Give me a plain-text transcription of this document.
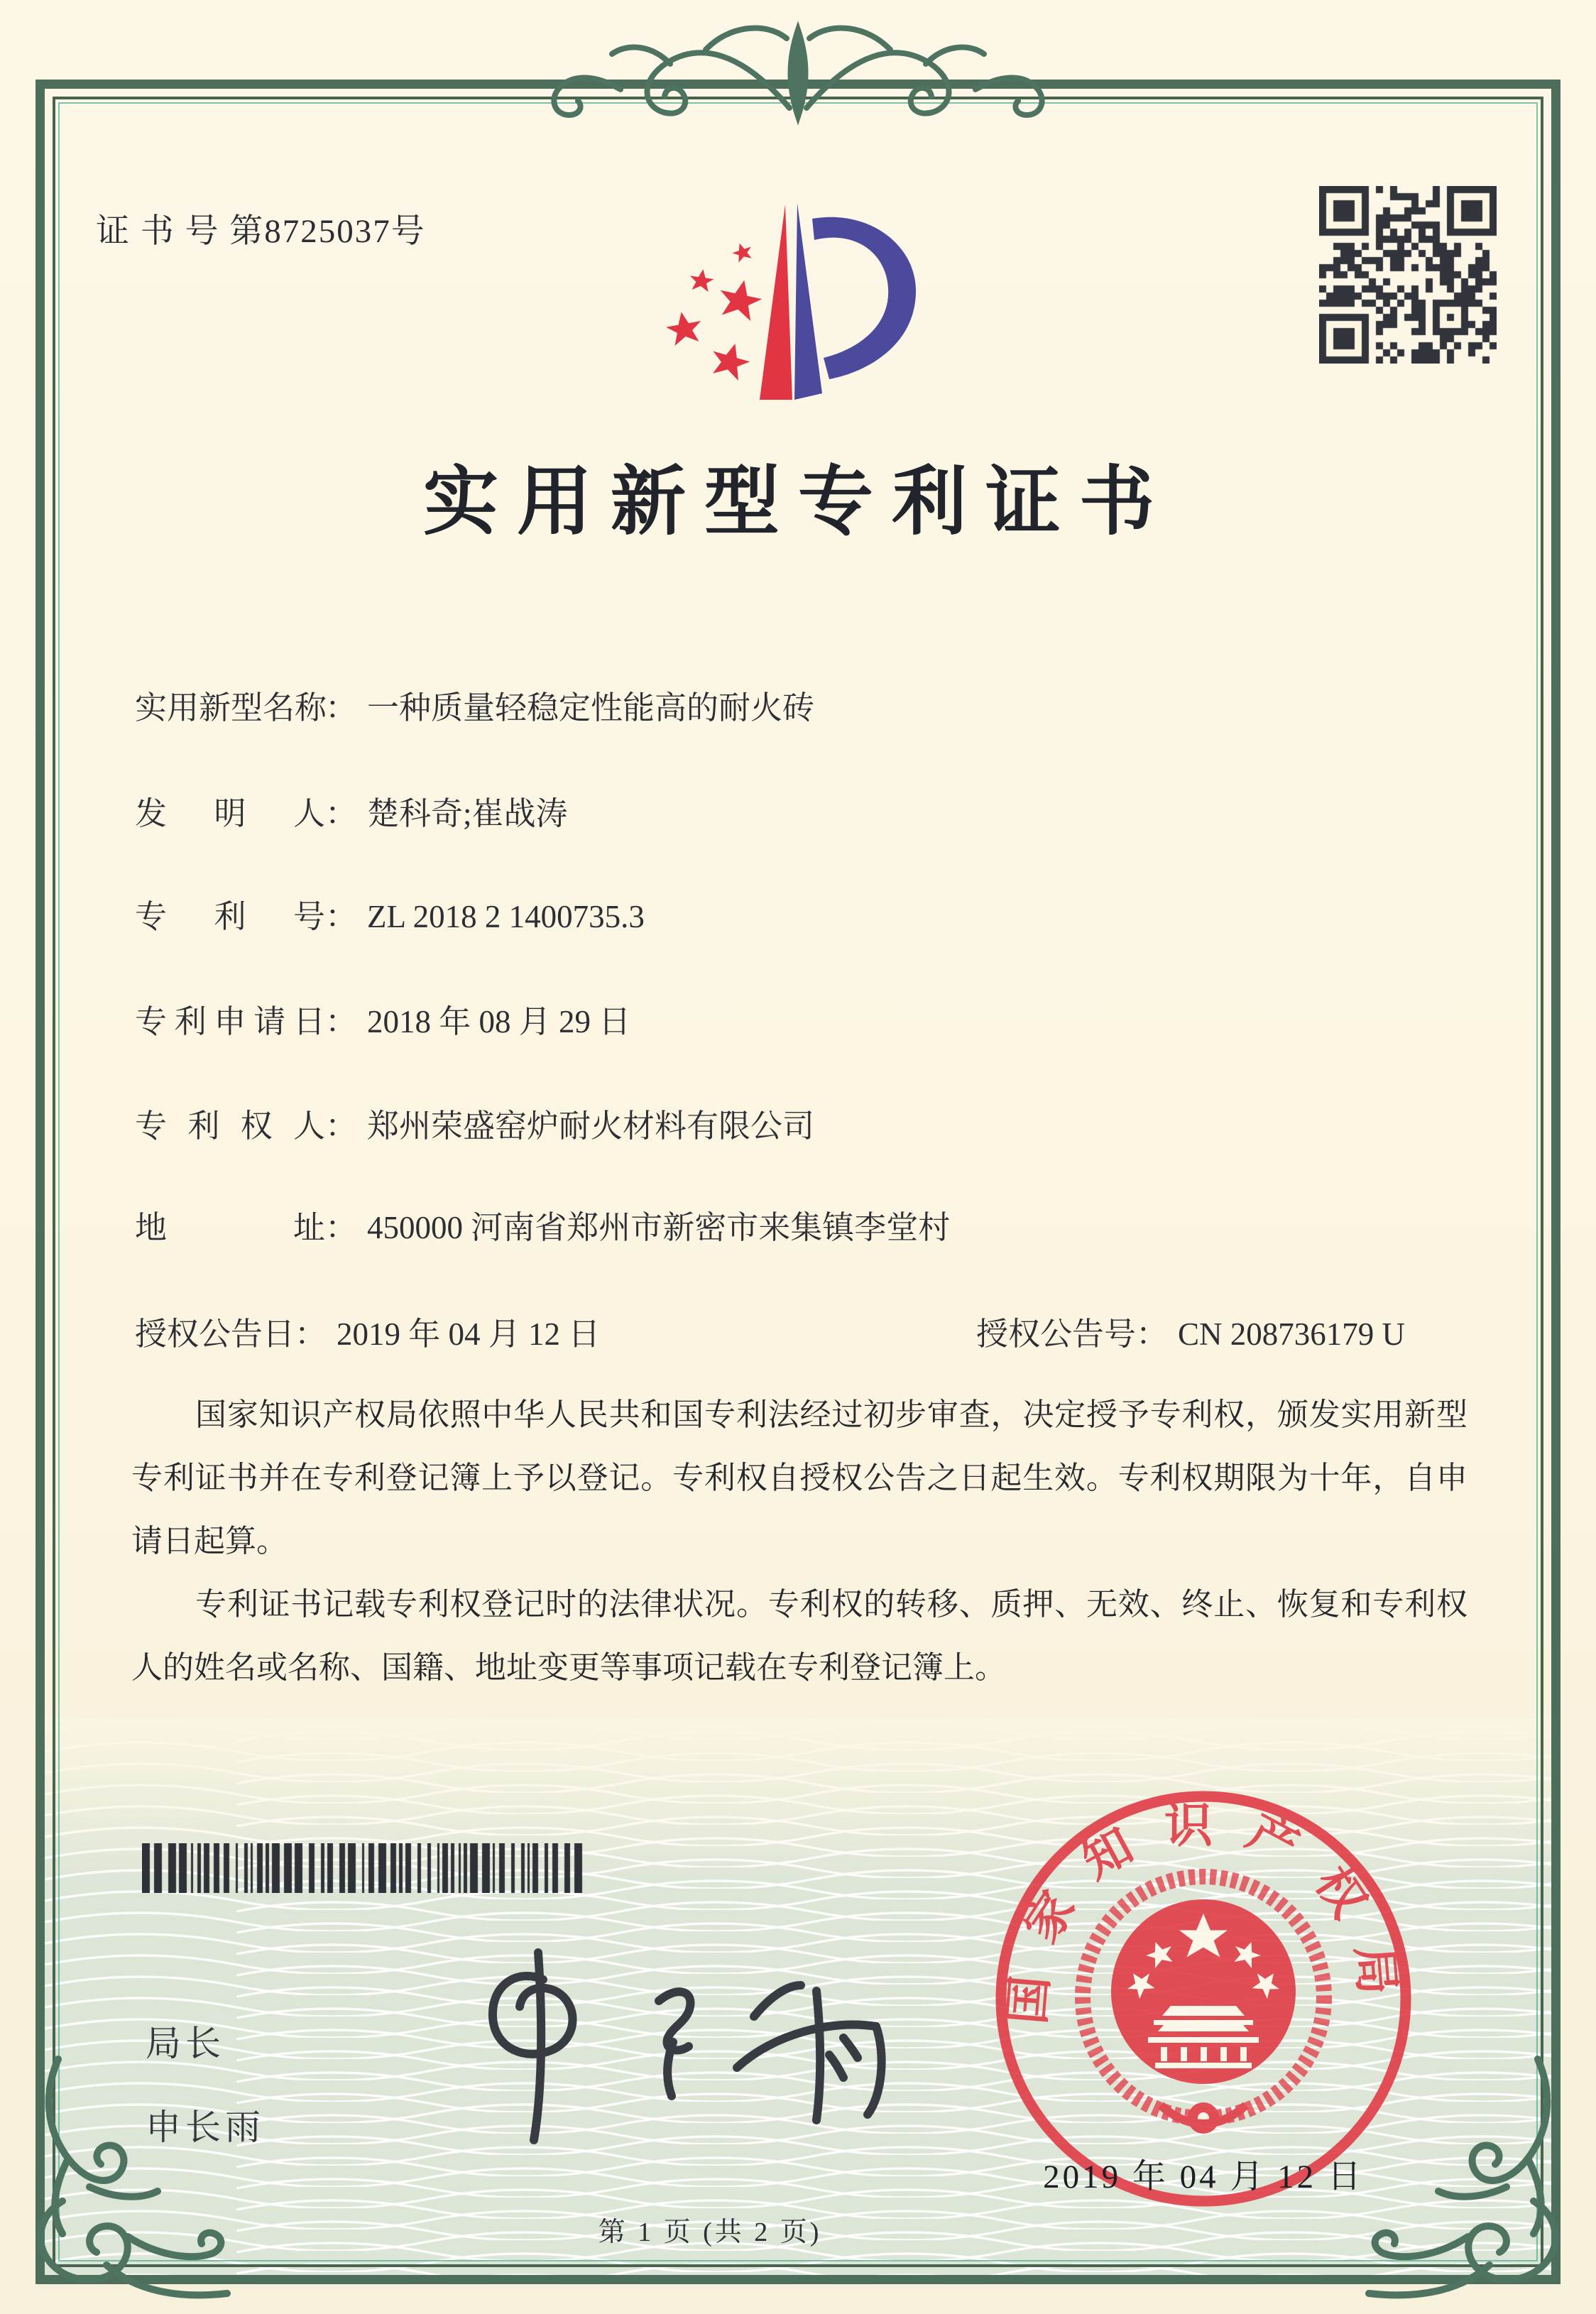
证 书 号 第8725037号
实用新型专利证书
实用新型名称： 一种质量轻稳定性能高的耐火砖
发明人： 楚科奇;崔战涛
专利号： ZL 2018 2 1400735.3
专利申请日： 2018 年 08 月 29 日
专利权人： 郑州荣盛窑炉耐火材料有限公司
地址： 450000 河南省郑州市新密市来集镇李堂村
授权公告日： 2019 年 04 月 12 日	授权公告号： CN 208736179 U

国家知识产权局依照中华人民共和国专利法经过初步审查，决定授予专利权，颁发实用新型专利证书并在专利登记簿上予以登记。专利权自授权公告之日起生效。专利权期限为十年，自申请日起算。

专利证书记载专利权登记时的法律状况。专利权的转移、质押、无效、终止、恢复和专利权人的姓名或名称、国籍、地址变更等事项记载在专利登记簿上。

局长
申长雨
国家知识产权局
2019 年 04 月 12 日
第 1 页 (共 2 页)
